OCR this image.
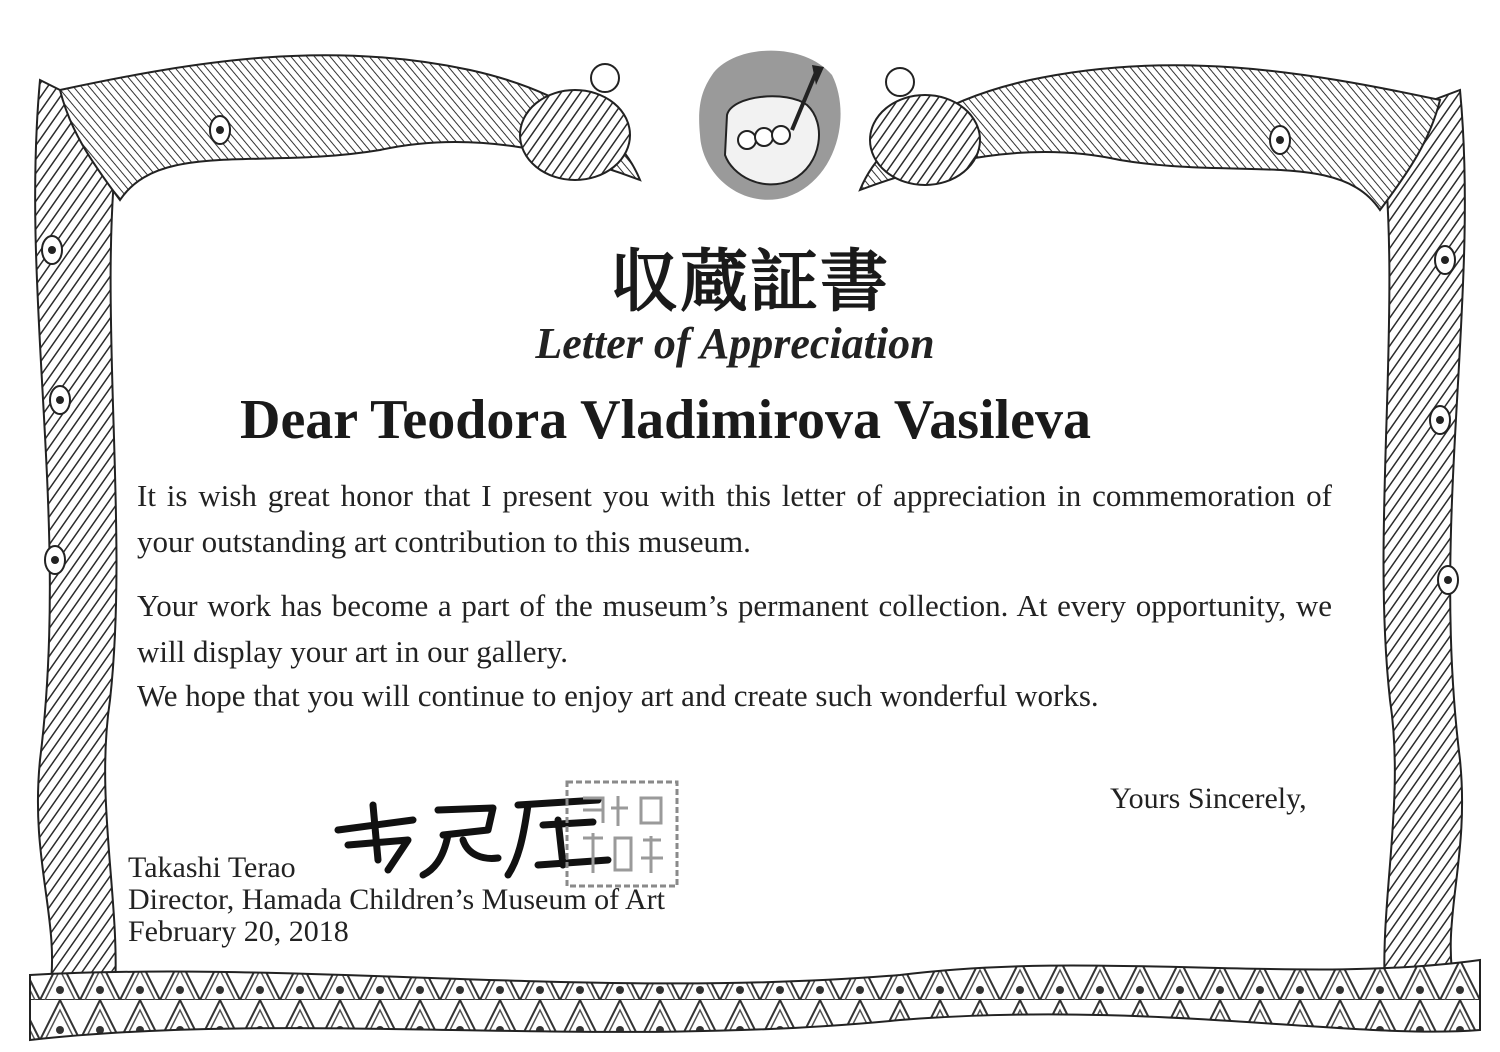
収蔵証書
Letter of Appreciation
Dear Teodora Vladimirova Vasileva
It is wish great honor that I present you with this letter of appreciation in commemoration of your outstanding art contribution to this museum.
Your work has become a part of the museum’s permanent collection. At every opportunity, we will display your art in our gallery.
We hope that you will continue to enjoy art and create such wonderful works.
Yours Sincerely,
Takashi Terao
Director, Hamada Children’s Museum of Art
February 20, 2018
